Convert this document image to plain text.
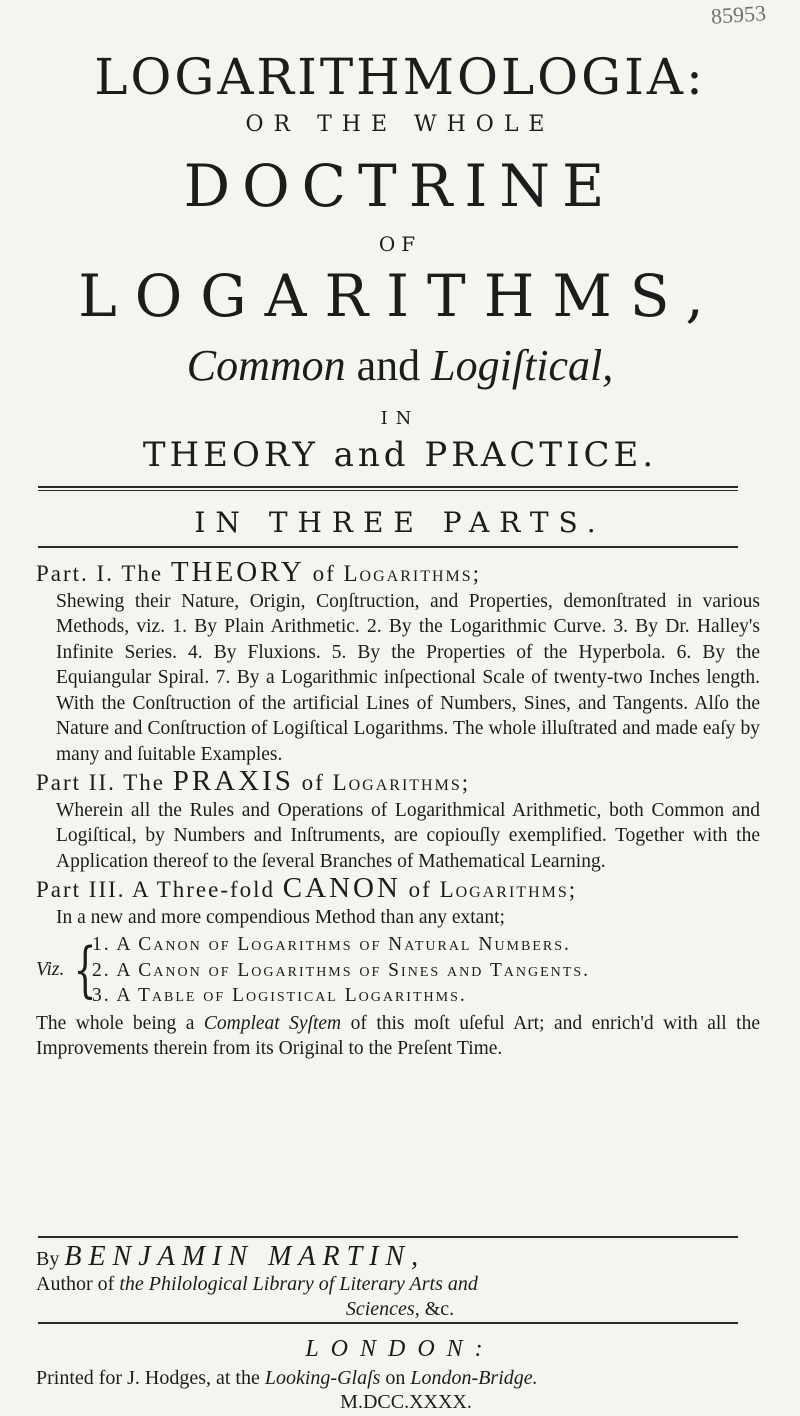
85953
LOGARITHMOLOGIA:
OR THE WHOLE
DOCTRINE
OF
LOGARITHMS,
Common and Logiſtical,
IN
THEORY and PRACTICE.
IN THREE PARTS.

Part. I. The THEORY of Logarithms;
Shewing their Nature, Origin, Coŋſtruction, and Properties, demonſtrated in various Methods, viz. 1. By Plain Arithmetic. 2. By the Logarithmic Curve. 3. By Dr. Halley's Infinite Series. 4. By Fluxions. 5. By the Properties of the Hyperbola. 6. By the Equiangular Spiral. 7. By a Logarithmic inſpectional Scale of twenty-two Inches length. With the Conſtruction of the artificial Lines of Numbers, Sines, and Tangents. Alſo the Nature and Conſtruction of Logiſtical Logarithms. The whole illuſtrated and made eaſy by many and ſuitable Examples.

Part II. The PRAXIS of Logarithms;
Wherein all the Rules and Operations of Logarithmical Arithmetic, both Common and Logiſtical, by Numbers and Inſtruments, are copiouſly exemplified. Together with the Application thereof to the ſeveral Branches of Mathematical Learning.

Part III. A Three-fold CANON of Logarithms;
In a new and more compendious Method than any extant;

Viz. {
1. A Canon of Logarithms of Natural Numbers.
2. A Canon of Logarithms of Sines and Tangents.
3. A Table of Logistical Logarithms.

The whole being a Compleat Syſtem of this moſt uſeful Art; and enrich'd with all the Improvements therein from its Original to the Preſent Time.

By BENJAMIN MARTIN,
Author of the Philological Library of Literary Arts and
Sciences, &c.
LONDON:
Printed for J. Hodges, at the Looking-Glaſs on London-Bridge.
M.DCC.XXXX.
